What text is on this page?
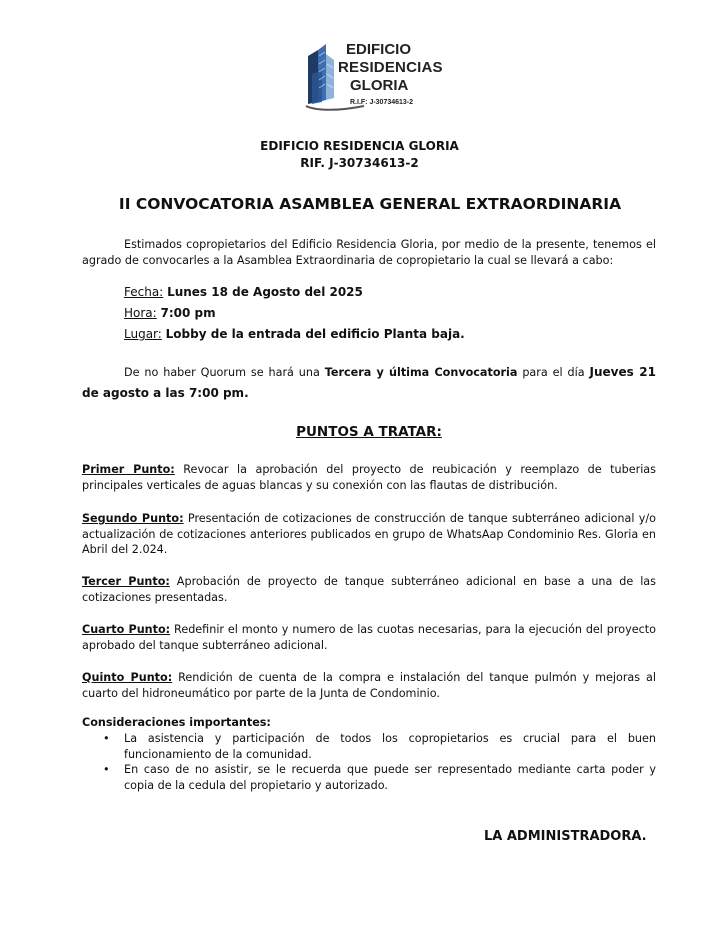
EDIFICIO
RESIDENCIAS
GLORIA
R.I.F: J-30734613-2
EDIFICIO RESIDENCIA GLORIA
RIF. J-30734613-2
II CONVOCATORIA ASAMBLEA GENERAL EXTRAORDINARIA
Estimados copropietarios del Edificio Residencia Gloria, por medio de la presente, tenemos el agrado de convocarles a la Asamblea Extraordinaria de copropietario la cual se llevará a cabo:
Fecha: Lunes 18 de Agosto del 2025
Hora: 7:00 pm
Lugar: Lobby de la entrada del edificio Planta baja.
De no haber Quorum se hará una Tercera y última Convocatoria para el día Jueves 21 de agosto a las 7:00 pm.
PUNTOS A TRATAR:
Primer Punto: Revocar la aprobación del proyecto de reubicación y reemplazo de tuberias principales verticales de aguas blancas y su conexión con las flautas de distribución.
Segundo Punto: Presentación de cotizaciones de construcción de tanque subterráneo adicional y/o actualización de cotizaciones anteriores publicados en grupo de WhatsAap Condominio Res. Gloria en Abril del 2.024.
Tercer Punto: Aprobación de proyecto de tanque subterráneo adicional en base a una de las cotizaciones presentadas.
Cuarto Punto: Redefinir el monto y numero de las cuotas necesarias, para la ejecución del proyecto aprobado del tanque subterráneo adicional.
Quinto Punto: Rendición de cuenta de la compra e instalación del tanque pulmón y mejoras al cuarto del hidroneumático por parte de la Junta de Condominio.
Consideraciones importantes:
• La asistencia y participación de todos los copropietarios es crucial para el buen funcionamiento de la comunidad.
• En caso de no asistir, se le recuerda que puede ser representado mediante carta poder y copia de la cedula del propietario y autorizado.
LA ADMINISTRADORA.
